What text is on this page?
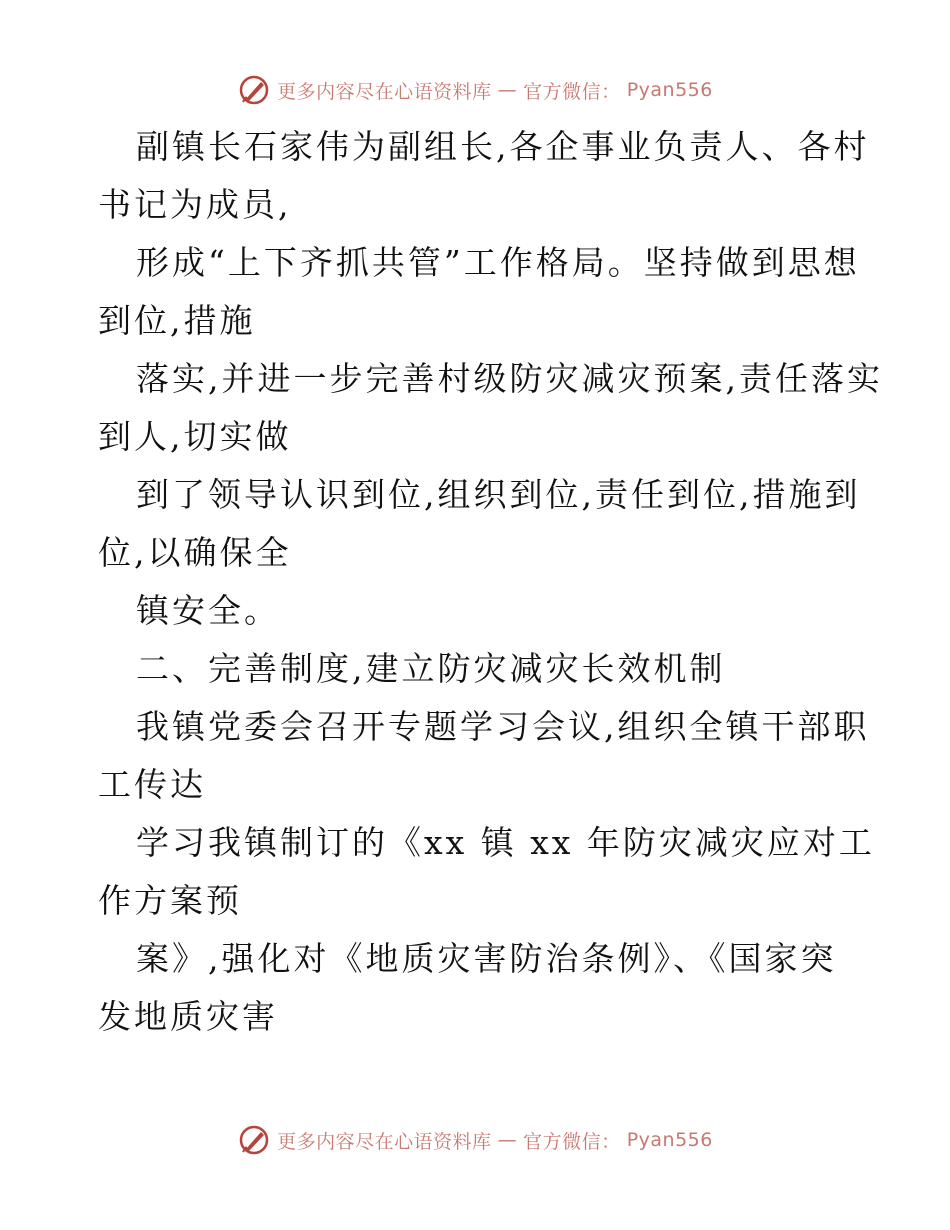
更多内容尽在心语资料库 — 官方微信： Pyan556
副镇长石家伟为副组长,各企事业负责人、各村
书记为成员,
形成“上下齐抓共管”工作格局。坚持做到思想
到位,措施
落实,并进一步完善村级防灾减灾预案,责任落实
到人,切实做
到了领导认识到位,组织到位,责任到位,措施到
位,以确保全
镇安全。
二、完善制度,建立防灾减灾长效机制
我镇党委会召开专题学习会议,组织全镇干部职
工传达
学习我镇制订的《xx 镇 xx 年防灾减灾应对工
作方案预
案》,强化对《地质灾害防治条例》、《国家突
发地质灾害
更多内容尽在心语资料库 — 官方微信： Pyan556
